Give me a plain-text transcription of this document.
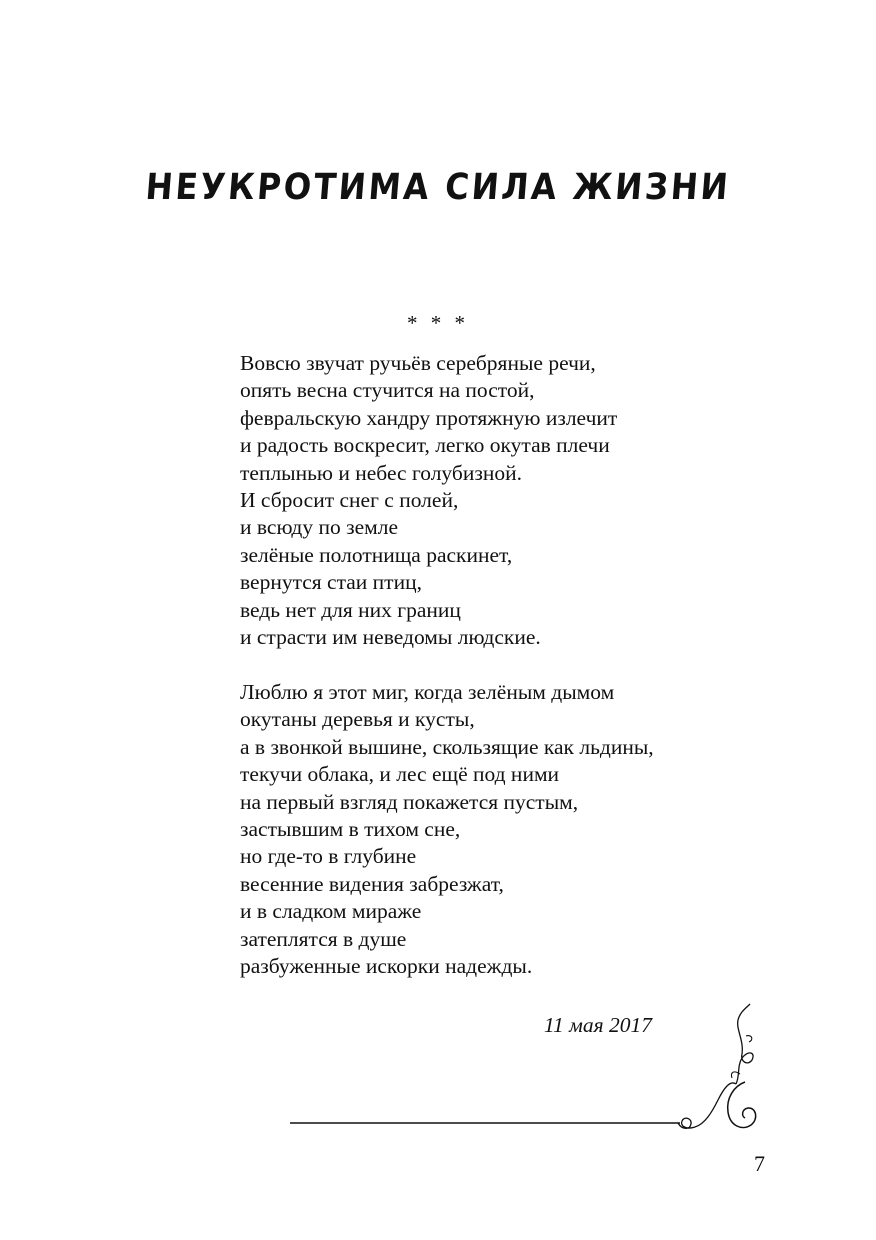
НЕУКРОТИМА СИЛА ЖИЗНИ
* * *
Вовсю звучат ручьёв серебряные речи,
опять весна стучится на постой,
февральскую хандру протяжную излечит
и радость воскресит, легко окутав плечи
теплынью и небес голубизной.
И сбросит снег с полей,
и всюду по земле
зелёные полотнища раскинет,
вернутся стаи птиц,
ведь нет для них границ
и страсти им неведомы людские.
Люблю я этот миг, когда зелёным дымом
окутаны деревья и кусты,
а в звонкой вышине, скользящие как льдины,
текучи облака, и лес ещё под ними
на первый взгляд покажется пустым,
застывшим в тихом сне,
но где-то в глубине
весенние видения забрезжат,
и в сладком мираже
затеплятся в душе
разбуженные искорки надежды.
11 мая 2017
7
